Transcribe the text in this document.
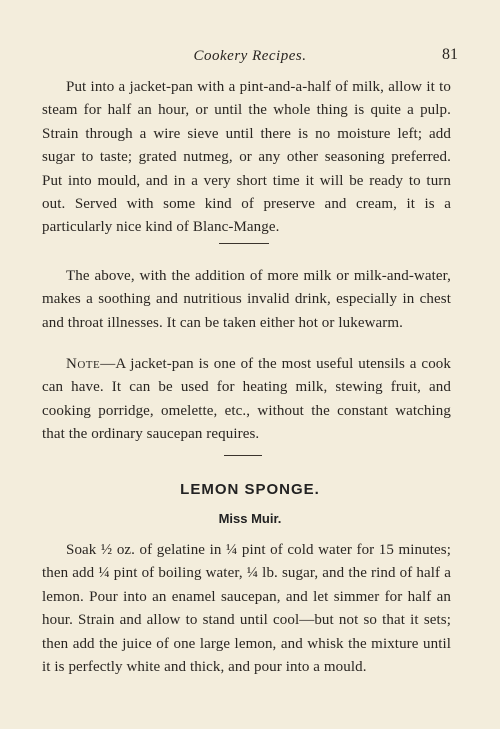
Cookery Recipes.	81

Put into a jacket-pan with a pint-and-a-half of milk, allow it to steam for half an hour, or until the whole thing is quite a pulp. Strain through a wire sieve until there is no moisture left; add sugar to taste; grated nutmeg, or any other seasoning preferred. Put into mould, and in a very short time it will be ready to turn out. Served with some kind of preserve and cream, it is a particularly nice kind of Blanc-Mange.

The above, with the addition of more milk or milk-and-water, makes a soothing and nutritious invalid drink, especially in chest and throat illnesses. It can be taken either hot or lukewarm.

Note—A jacket-pan is one of the most useful utensils a cook can have. It can be used for heating milk, stewing fruit, and cooking porridge, omelette, etc., without the constant watching that the ordinary saucepan requires.

LEMON SPONGE.
Miss Muir.

Soak ½ oz. of gelatine in ¼ pint of cold water for 15 minutes; then add ¼ pint of boiling water, ¼ lb. sugar, and the rind of half a lemon. Pour into an enamel saucepan, and let simmer for half an hour. Strain and allow to stand until cool—but not so that it sets; then add the juice of one large lemon, and whisk the mixture until it is perfectly white and thick, and pour into a mould.
